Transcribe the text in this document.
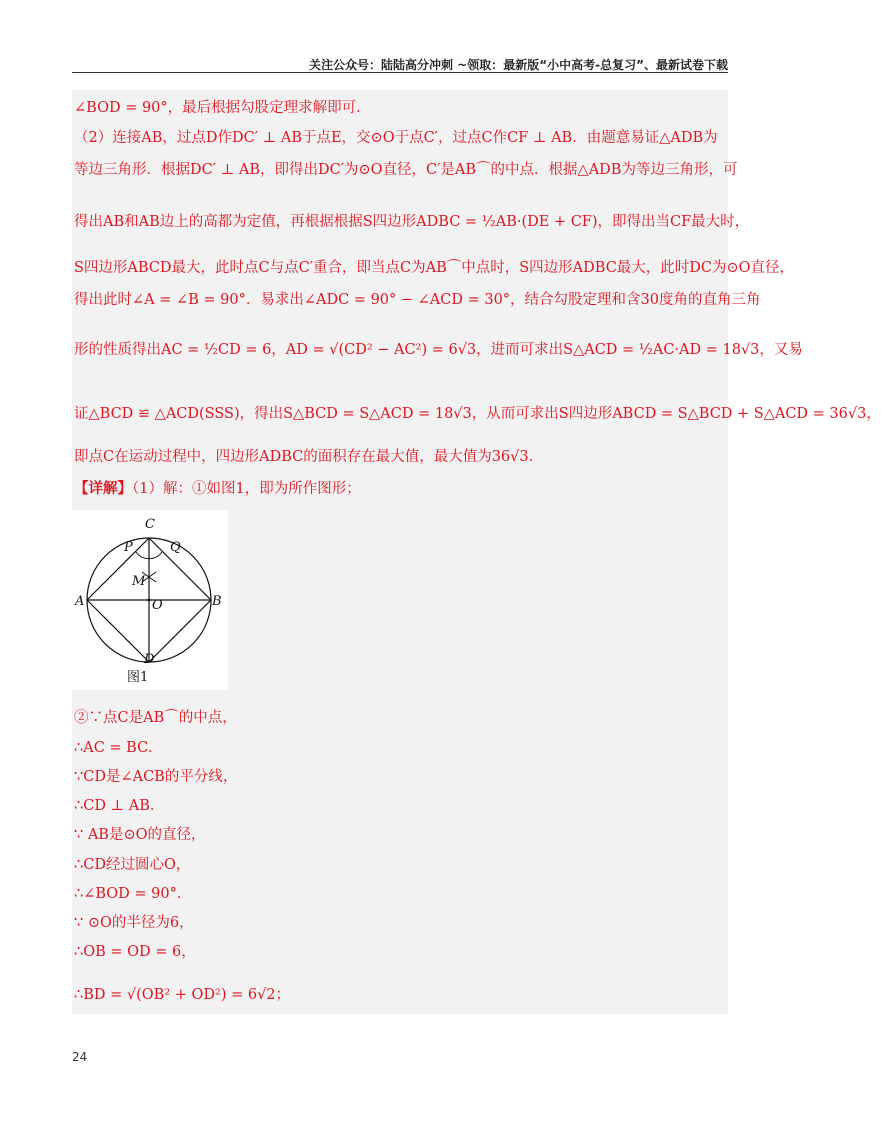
关注公众号：陆陆高分冲刺 ~领取：最新版“小中高考-总复习”、最新试卷下载
∠BOD = 90°，最后根据勾股定理求解即可．
（2）连接AB，过点D作DC′ ⊥ AB于点E，交⊙O于点C′，过点C作CF ⊥ AB．由题意易证△ADB为
等边三角形．根据DC′ ⊥ AB，即得出DC′为⊙O直径，C′是AB⌒的中点．根据△ADB为等边三角形，可
得出AB和AB边上的高都为定值，再根据根据S四边形ADBC = ½AB·(DE + CF)，即得出当CF最大时，
S四边形ABCD最大，此时点C与点C′重合，即当点C为AB⌒中点时，S四边形ADBC最大，此时DC为⊙O直径，
得出此时∠A = ∠B = 90°．易求出∠ADC = 90° − ∠ACD = 30°，结合勾股定理和含30度角的直角三角
形的性质得出AC = ½CD = 6，AD = √(CD² − AC²) = 6√3，进而可求出S△ACD = ½AC·AD = 18√3，又易
证△BCD ≌ △ACD(SSS)，得出S△BCD = S△ACD = 18√3，从而可求出S四边形ABCD = S△BCD + S△ACD = 36√3，
即点C在运动过程中，四边形ADBC的面积存在最大值，最大值为36√3．
【详解】（1）解：①如图1，即为所作图形；
C
P	Q
M
A	O	B
D
图1
②∵点C是AB⌒的中点，
∴AC = BC．
∵CD是∠ACB的平分线，
∴CD ⊥ AB．
∵ AB是⊙O的直径，
∴CD经过圆心O，
∴∠BOD = 90°．
∵ ⊙O的半径为6，
∴OB = OD = 6，
∴BD = √(OB² + OD²) = 6√2；
24
